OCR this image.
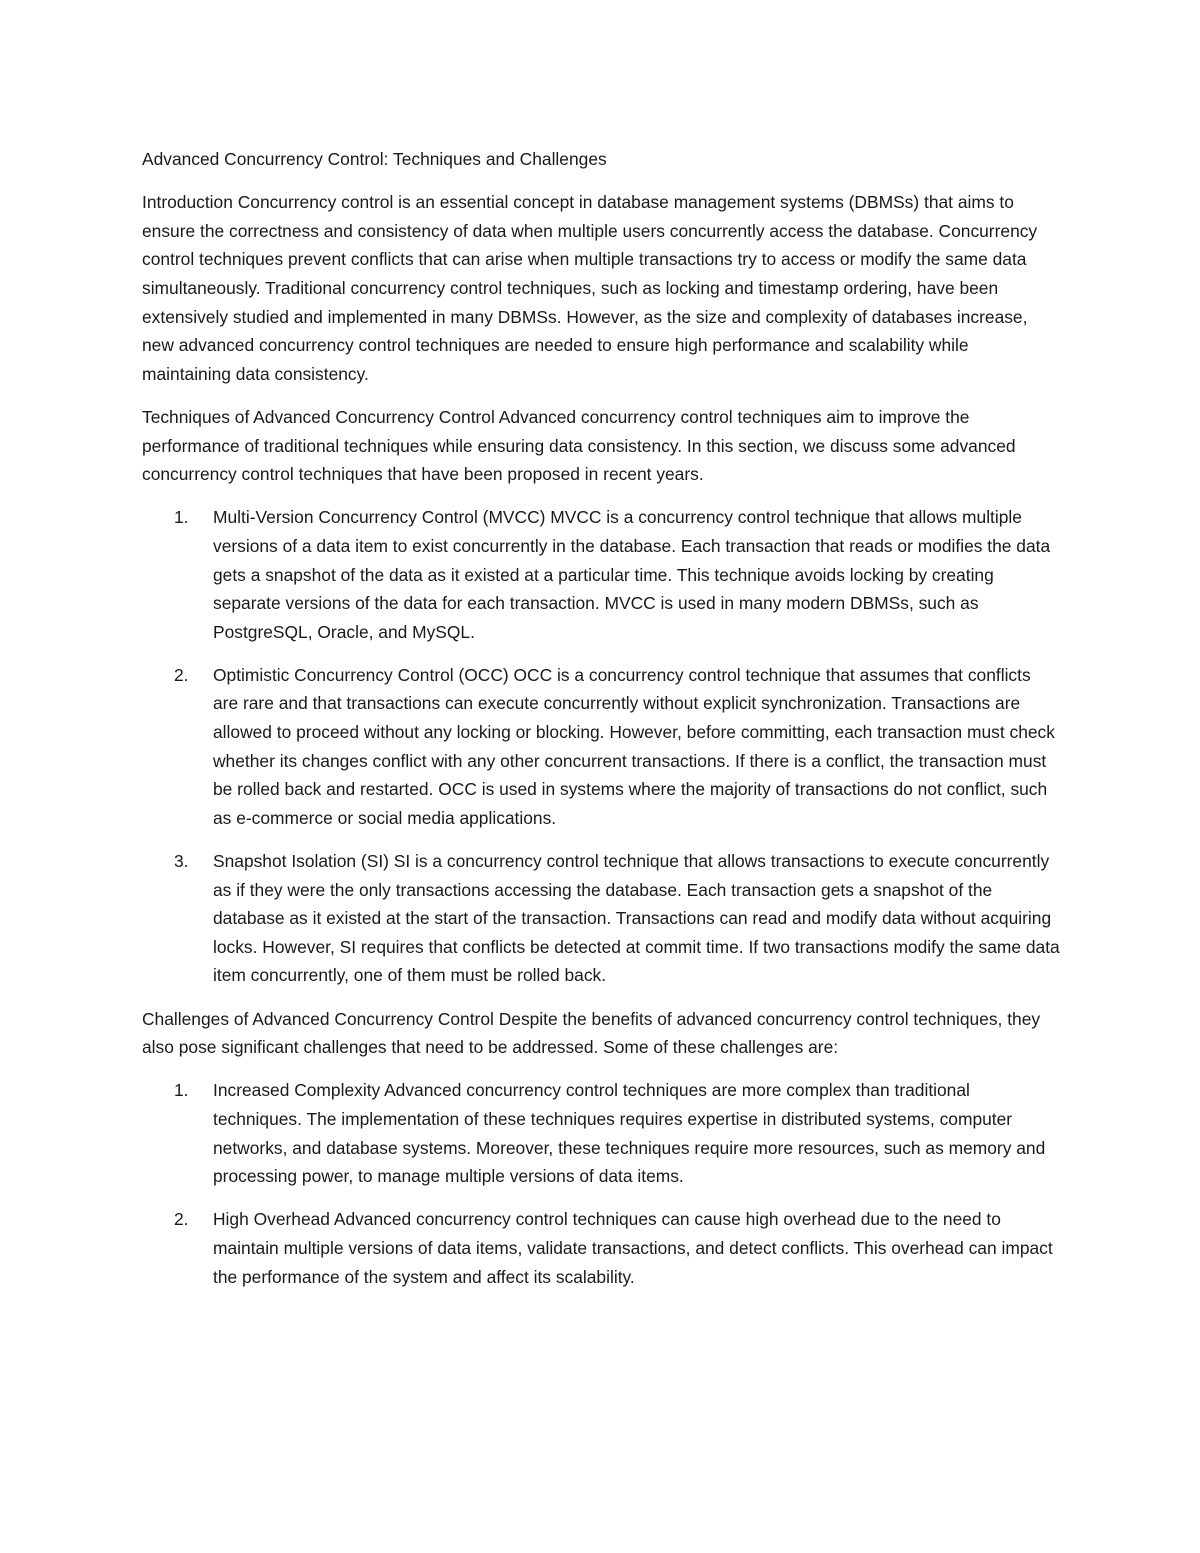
Advanced Concurrency Control: Techniques and Challenges

Introduction Concurrency control is an essential concept in database management systems (DBMSs) that aims to ensure the correctness and consistency of data when multiple users concurrently access the database. Concurrency control techniques prevent conflicts that can arise when multiple transactions try to access or modify the same data simultaneously. Traditional concurrency control techniques, such as locking and timestamp ordering, have been extensively studied and implemented in many DBMSs. However, as the size and complexity of databases increase, new advanced concurrency control techniques are needed to ensure high performance and scalability while maintaining data consistency.

Techniques of Advanced Concurrency Control Advanced concurrency control techniques aim to improve the performance of traditional techniques while ensuring data consistency. In this section, we discuss some advanced concurrency control techniques that have been proposed in recent years.

1. Multi-Version Concurrency Control (MVCC) MVCC is a concurrency control technique that allows multiple versions of a data item to exist concurrently in the database. Each transaction that reads or modifies the data gets a snapshot of the data as it existed at a particular time. This technique avoids locking by creating separate versions of the data for each transaction. MVCC is used in many modern DBMSs, such as PostgreSQL, Oracle, and MySQL.
2. Optimistic Concurrency Control (OCC) OCC is a concurrency control technique that assumes that conflicts are rare and that transactions can execute concurrently without explicit synchronization. Transactions are allowed to proceed without any locking or blocking. However, before committing, each transaction must check whether its changes conflict with any other concurrent transactions. If there is a conflict, the transaction must be rolled back and restarted. OCC is used in systems where the majority of transactions do not conflict, such as e-commerce or social media applications.
3. Snapshot Isolation (SI) SI is a concurrency control technique that allows transactions to execute concurrently as if they were the only transactions accessing the database. Each transaction gets a snapshot of the database as it existed at the start of the transaction. Transactions can read and modify data without acquiring locks. However, SI requires that conflicts be detected at commit time. If two transactions modify the same data item concurrently, one of them must be rolled back.

Challenges of Advanced Concurrency Control Despite the benefits of advanced concurrency control techniques, they also pose significant challenges that need to be addressed. Some of these challenges are:

1. Increased Complexity Advanced concurrency control techniques are more complex than traditional techniques. The implementation of these techniques requires expertise in distributed systems, computer networks, and database systems. Moreover, these techniques require more resources, such as memory and processing power, to manage multiple versions of data items.
2. High Overhead Advanced concurrency control techniques can cause high overhead due to the need to maintain multiple versions of data items, validate transactions, and detect conflicts. This overhead can impact the performance of the system and affect its scalability.
